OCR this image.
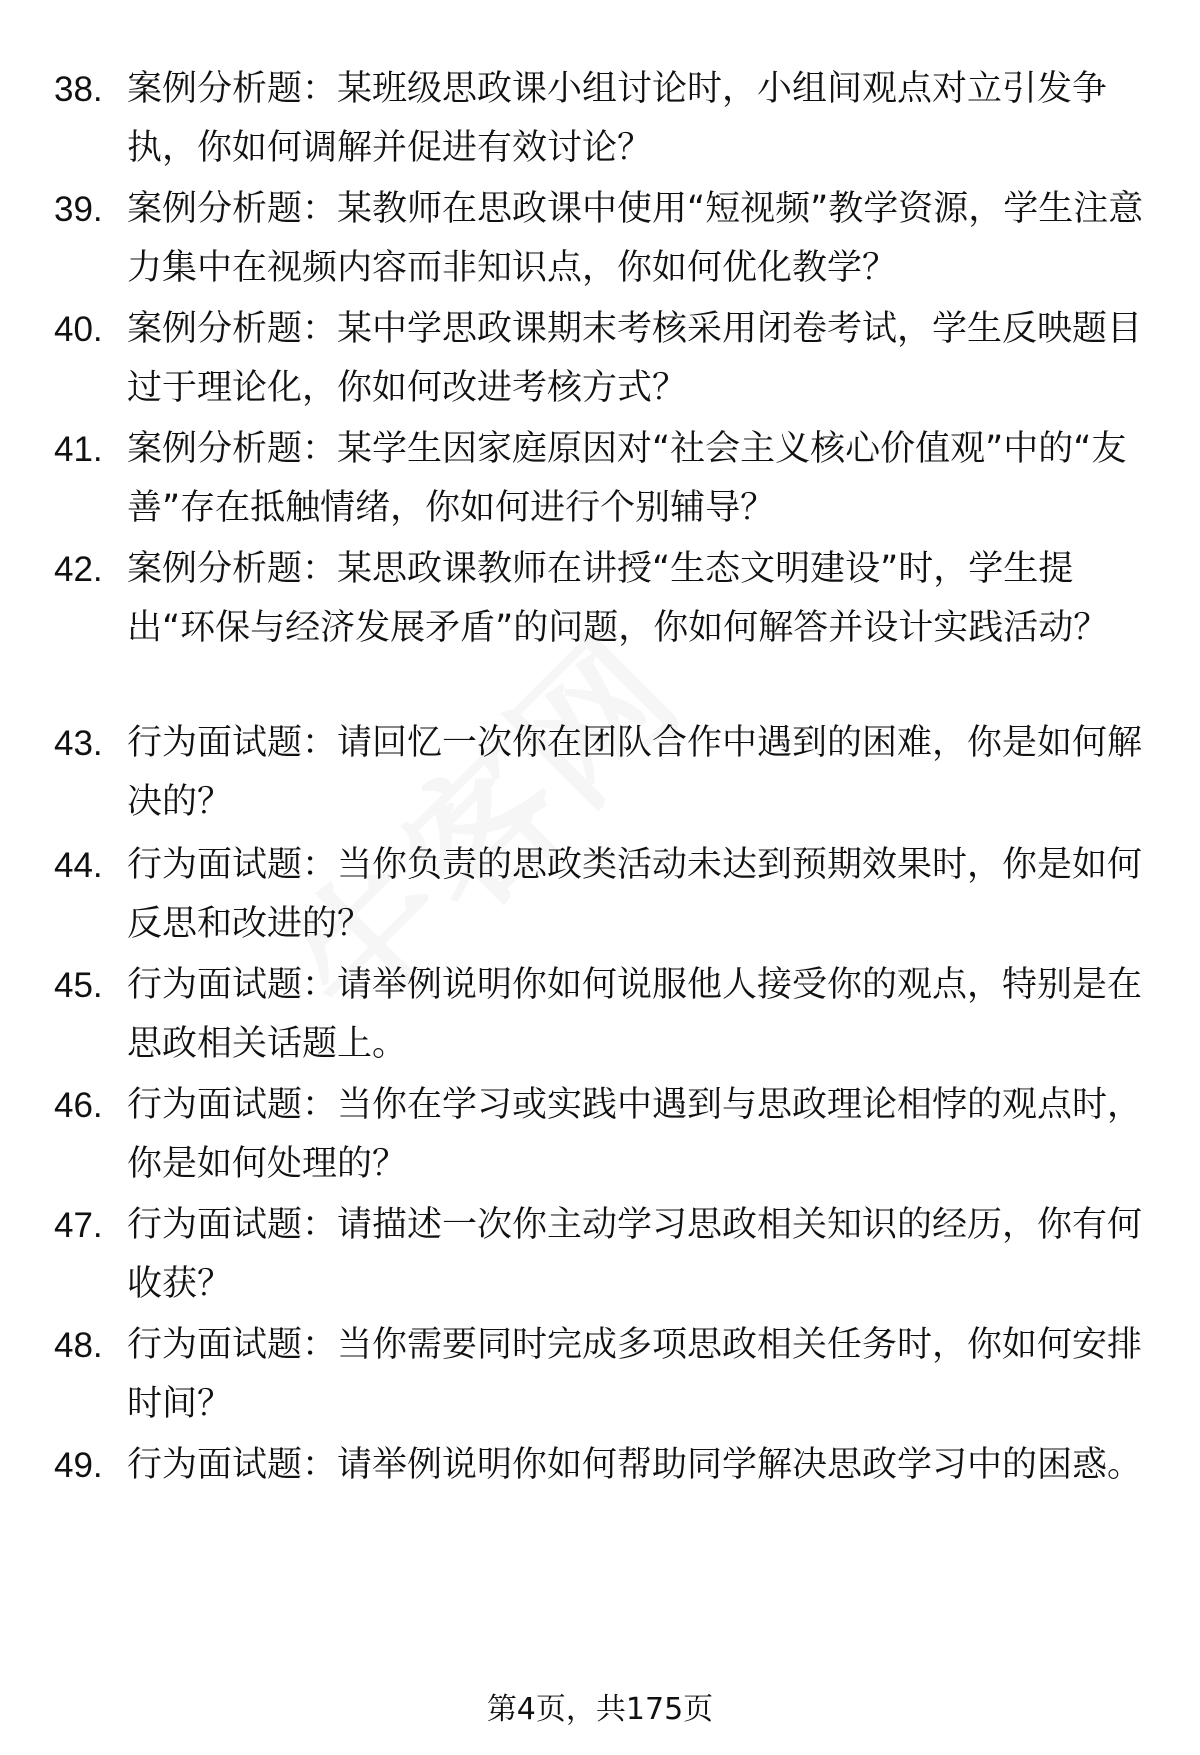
38. 案例分析题：某班级思政课小组讨论时，小组间观点对立引发争执，你如何调解并促进有效讨论？
39. 案例分析题：某教师在思政课中使用“短视频”教学资源，学生注意力集中在视频内容而非知识点，你如何优化教学？
40. 案例分析题：某中学思政课期末考核采用闭卷考试，学生反映题目过于理论化，你如何改进考核方式？
41. 案例分析题：某学生因家庭原因对“社会主义核心价值观”中的“友善”存在抵触情绪，你如何进行个别辅导？
42. 案例分析题：某思政课教师在讲授“生态文明建设”时，学生提出“环保与经济发展矛盾”的问题，你如何解答并设计实践活动？
43. 行为面试题：请回忆一次你在团队合作中遇到的困难，你是如何解决的？
44. 行为面试题：当你负责的思政类活动未达到预期效果时，你是如何反思和改进的？
45. 行为面试题：请举例说明你如何说服他人接受你的观点，特别是在思政相关话题上。
46. 行为面试题：当你在学习或实践中遇到与思政理论相悖的观点时，你是如何处理的？
47. 行为面试题：请描述一次你主动学习思政相关知识的经历，你有何收获？
48. 行为面试题：当你需要同时完成多项思政相关任务时，你如何安排时间？
49. 行为面试题：请举例说明你如何帮助同学解决思政学习中的困惑。
第4页，共175页
